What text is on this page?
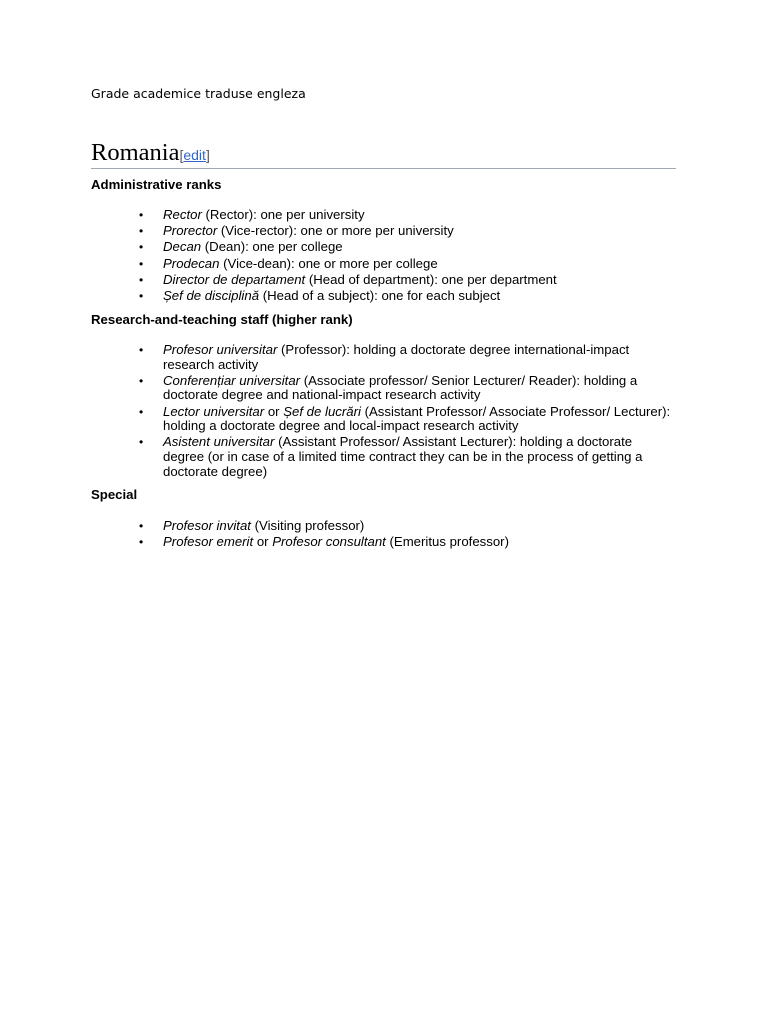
Grade academice traduse engleza
Romania[edit]
Administrative ranks
• Rector (Rector): one per university
• Prorector (Vice-rector): one or more per university
• Decan (Dean): one per college
• Prodecan (Vice-dean): one or more per college
• Director de departament (Head of department): one per department
• Șef de disciplină (Head of a subject): one for each subject
Research-and-teaching staff (higher rank)
• Profesor universitar (Professor): holding a doctorate degree international-impact research activity
• Conferențiar universitar (Associate professor/ Senior Lecturer/ Reader): holding a doctorate degree and national-impact research activity
• Lector universitar or Șef de lucrări (Assistant Professor/ Associate Professor/ Lecturer): holding a doctorate degree and local-impact research activity
• Asistent universitar (Assistant Professor/ Assistant Lecturer): holding a doctorate degree (or in case of a limited time contract they can be in the process of getting a doctorate degree)
Special
• Profesor invitat (Visiting professor)
• Profesor emerit or Profesor consultant (Emeritus professor)
